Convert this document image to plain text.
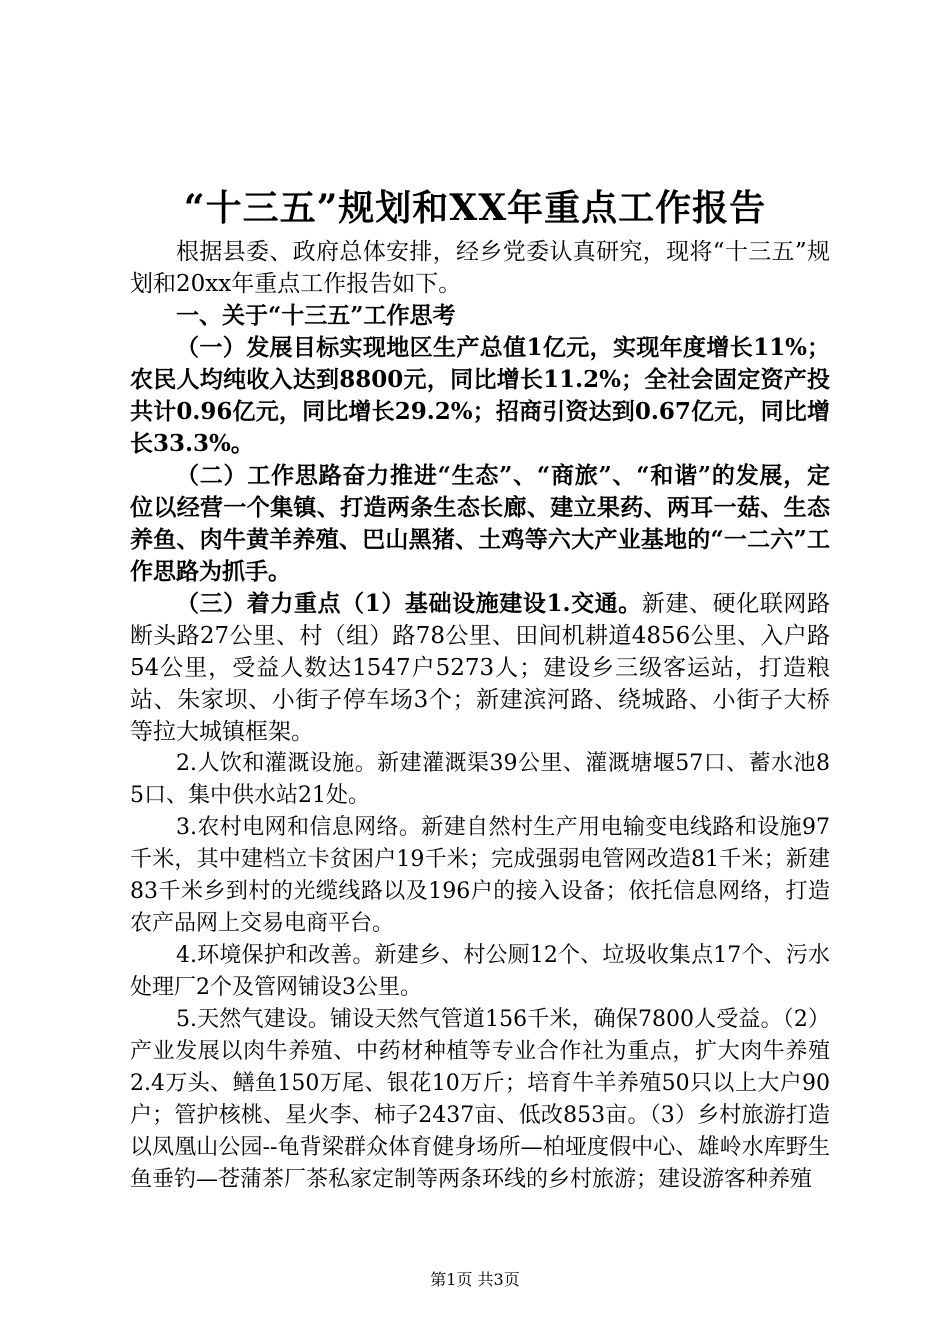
“十三五”规划和XX年重点工作报告

根据县委、政府总体安排，经乡党委认真研究，现将“十三五”规划和20xx年重点工作报告如下。

一、关于“十三五”工作思考

（一）发展目标实现地区生产总值1亿元，实现年度增长11%；农民人均纯收入达到8800元，同比增长11.2%；全社会固定资产投共计0.96亿元，同比增长29.2%；招商引资达到0.67亿元，同比增长33.3%。

（二）工作思路奋力推进“生态”、“商旅”、“和谐”的发展，定位以经营一个集镇、打造两条生态长廊、建立果药、两耳一菇、生态养鱼、肉牛黄羊养殖、巴山黑猪、土鸡等六大产业基地的“一二六”工作思路为抓手。

（三）着力重点（1）基础设施建设1.交通。新建、硬化联网路断头路27公里、村（组）路78公里、田间机耕道4856公里、入户路54公里，受益人数达1547户5273人；建设乡三级客运站，打造粮站、朱家坝、小街子停车场3个；新建滨河路、绕城路、小街子大桥等拉大城镇框架。

2.人饮和灌溉设施。新建灌溉渠39公里、灌溉塘堰57口、蓄水池85口、集中供水站21处。

3.农村电网和信息网络。新建自然村生产用电输变电线路和设施97千米，其中建档立卡贫困户19千米；完成强弱电管网改造81千米；新建83千米乡到村的光缆线路以及196户的接入设备；依托信息网络，打造农产品网上交易电商平台。

4.环境保护和改善。新建乡、村公厕12个、垃圾收集点17个、污水处理厂2个及管网铺设3公里。

5.天然气建设。铺设天然气管道156千米，确保7800人受益。（2）产业发展以肉牛养殖、中药材种植等专业合作社为重点，扩大肉牛养殖2.4万头、鳝鱼150万尾、银花10万斤；培育牛羊养殖50只以上大户90户；管护核桃、星火李、柿子2437亩、低改853亩。（3）乡村旅游打造以凤凰山公园--龟背梁群众体育健身场所—柏垭度假中心、雄岭水库野生鱼垂钓—苍蒲茶厂茶私家定制等两条环线的乡村旅游；建设游客种养殖

第1页 共3页
